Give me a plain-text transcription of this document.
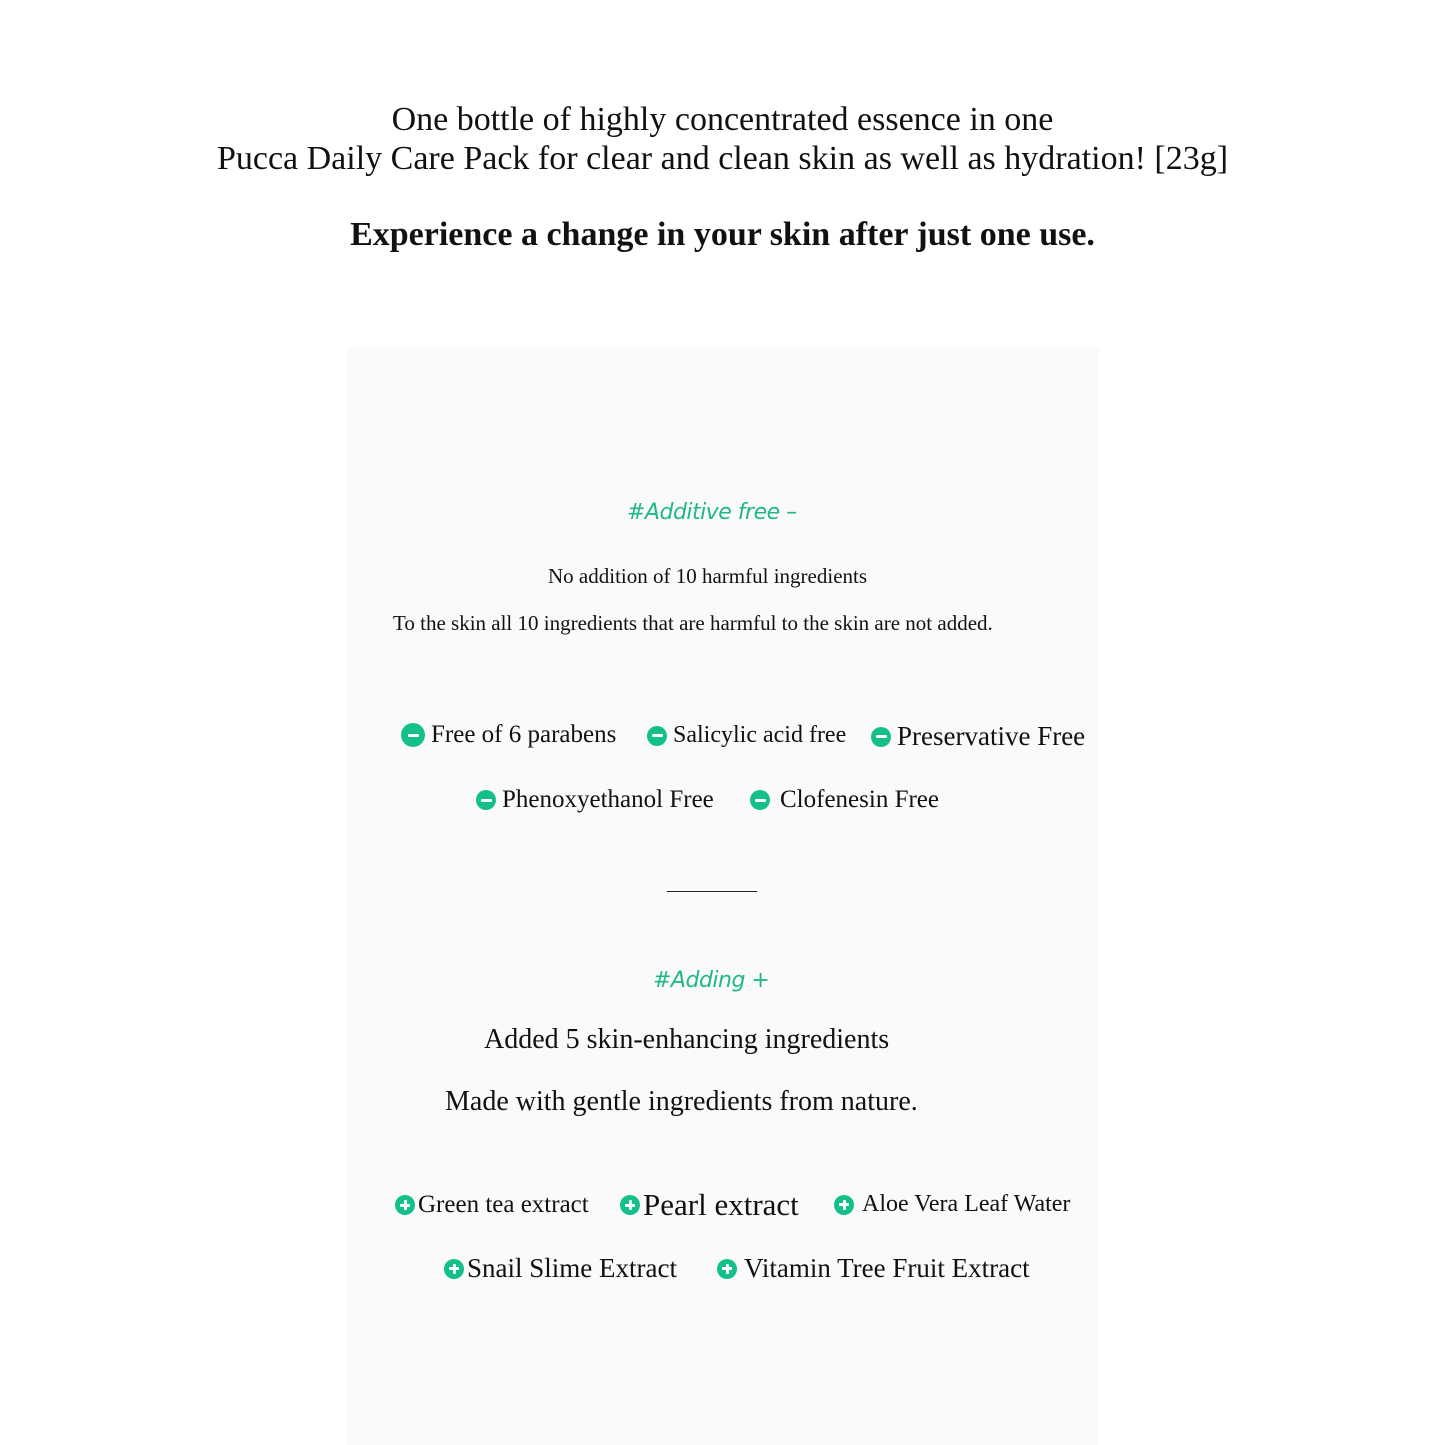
One bottle of highly concentrated essence in one
Pucca Daily Care Pack for clear and clean skin as well as hydration! [23g]
Experience a change in your skin after just one use.
#Additive free –
No addition of 10 harmful ingredients
To the skin all 10 ingredients that are harmful to the skin are not added.
Free of 6 parabens Salicylic acid free Preservative Free
Phenoxyethanol Free	Clofenesin Free
#Adding +
Added 5 skin-enhancing ingredients
Made with gentle ingredients from nature.
Green tea extract Pearl extract	Aloe Vera Leaf Water
Snail Slime Extract Vitamin Tree Fruit Extract
